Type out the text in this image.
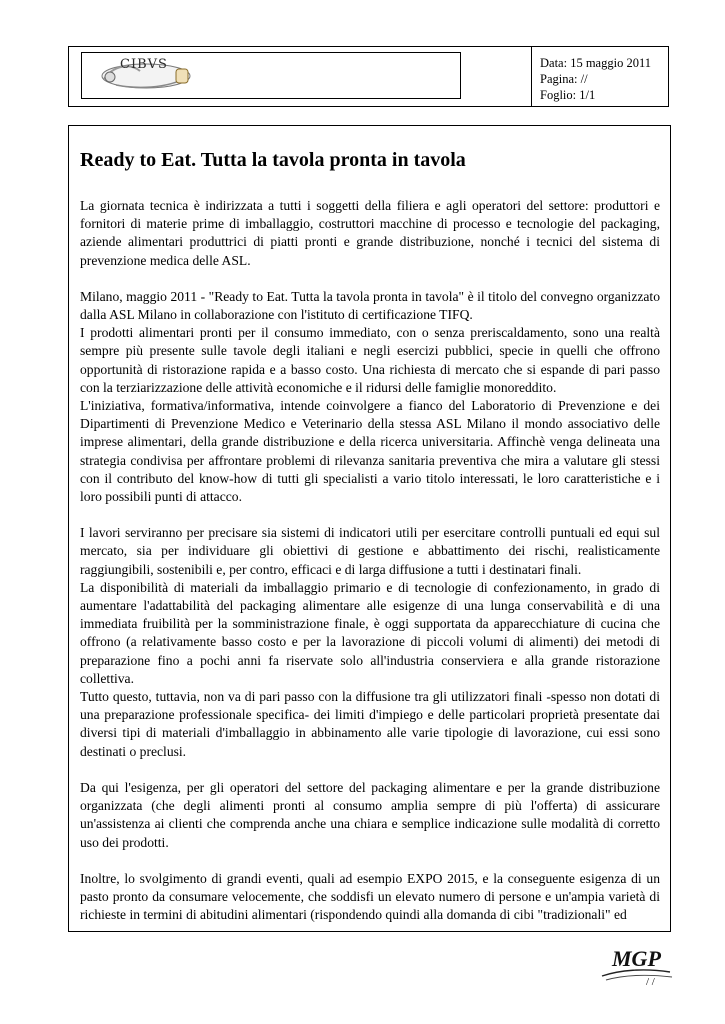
CIBVS	Data: 15 maggio 2011
Pagina: //
Foglio: 1/1
Ready to Eat. Tutta la tavola pronta in tavola

La giornata tecnica è indirizzata a tutti i soggetti della filiera e agli operatori del settore: produttori e fornitori di materie prime di imballaggio, costruttori macchine di processo e tecnologie del packaging, aziende alimentari produttrici di piatti pronti e grande distribuzione, nonché i tecnici del sistema di prevenzione medica delle ASL.

Milano, maggio 2011 - "Ready to Eat. Tutta la tavola pronta in tavola" è il titolo del convegno organizzato dalla ASL Milano in collaborazione con l'istituto di certificazione TIFQ.

I prodotti alimentari pronti per il consumo immediato, con o senza preriscaldamento, sono una realtà sempre più presente sulle tavole degli italiani e negli esercizi pubblici, specie in quelli che offrono opportunità di ristorazione rapida e a basso costo. Una richiesta di mercato che si espande di pari passo con la terziarizzazione delle attività economiche e il ridursi delle famiglie monoreddito.

L'iniziativa, formativa/informativa, intende coinvolgere a fianco del Laboratorio di Prevenzione e dei Dipartimenti di Prevenzione Medico e Veterinario della stessa ASL Milano il mondo associativo delle imprese alimentari, della grande distribuzione e della ricerca universitaria. Affinchè venga delineata una strategia condivisa per affrontare problemi di rilevanza sanitaria preventiva che mira a valutare gli stessi con il contributo del know-how di tutti gli specialisti a vario titolo interessati, le loro caratteristiche e i loro possibili punti di attacco.

I lavori serviranno per precisare sia sistemi di indicatori utili per esercitare controlli puntuali ed equi sul mercato, sia per individuare gli obiettivi di gestione e abbattimento dei rischi, realisticamente raggiungibili, sostenibili e, per contro, efficaci e di larga diffusione a tutti i destinatari finali.

La disponibilità di materiali da imballaggio primario e di tecnologie di confezionamento, in grado di aumentare l'adattabilità del packaging alimentare alle esigenze di una lunga conservabilità e di una immediata fruibilità per la somministrazione finale, è oggi supportata da apparecchiature di cucina che offrono (a relativamente basso costo e per la lavorazione di piccoli volumi di alimenti) dei metodi di preparazione fino a pochi anni fa riservate solo all'industria conserviera e alla grande ristorazione collettiva.

Tutto questo, tuttavia, non va di pari passo con la diffusione tra gli utilizzatori finali -spesso non dotati di una preparazione professionale specifica- dei limiti d'impiego e delle particolari proprietà presentate dai diversi tipi di materiali d'imballaggio in abbinamento alle varie tipologie di lavorazione, cui essi sono destinati o preclusi.

Da qui l'esigenza, per gli operatori del settore del packaging alimentare e per la grande distribuzione organizzata (che degli alimenti pronti al consumo amplia sempre di più l'offerta) di assicurare un'assistenza ai clienti che comprenda anche una chiara e semplice indicazione sulle modalità di corretto uso dei prodotti.

Inoltre, lo svolgimento di grandi eventi, quali ad esempio EXPO 2015, e la conseguente esigenza di un pasto pronto da consumare velocemente, che soddisfi un elevato numero di persone e un'ampia varietà di richieste in termini di abitudini alimentari (rispondendo quindi alla domanda di cibi "tradizionali" ed

MGP
/ /
